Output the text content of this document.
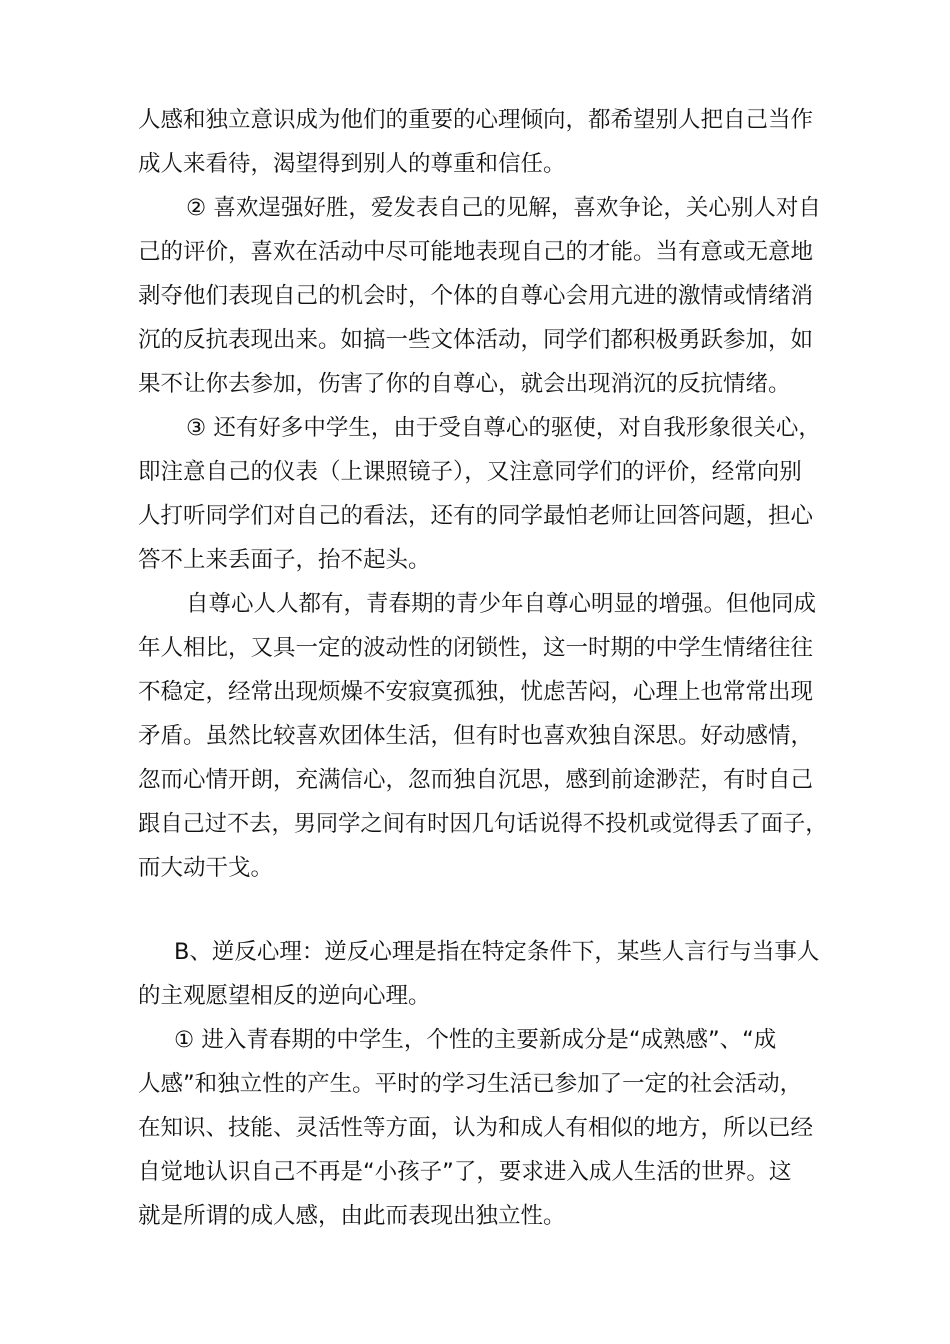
人感和独立意识成为他们的重要的心理倾向，都希望别人把自己当作
成人来看待，渴望得到别人的尊重和信任。
② 喜欢逞强好胜，爱发表自己的见解，喜欢争论，关心别人对自
己的评价，喜欢在活动中尽可能地表现自己的才能。当有意或无意地
剥夺他们表现自己的机会时，个体的自尊心会用亢进的激情或情绪消
沉的反抗表现出来。如搞一些文体活动，同学们都积极勇跃参加，如
果不让你去参加，伤害了你的自尊心，就会出现消沉的反抗情绪。
③ 还有好多中学生，由于受自尊心的驱使，对自我形象很关心，
即注意自己的仪表（上课照镜子），又注意同学们的评价，经常向别
人打听同学们对自己的看法，还有的同学最怕老师让回答问题，担心
答不上来丢面子，抬不起头。
自尊心人人都有，青春期的青少年自尊心明显的增强。但他同成
年人相比，又具一定的波动性的闭锁性，这一时期的中学生情绪往往
不稳定，经常出现烦燥不安寂寞孤独，忧虑苦闷，心理上也常常出现
矛盾。虽然比较喜欢团体生活，但有时也喜欢独自深思。好动感情，
忽而心情开朗，充满信心，忽而独自沉思，感到前途渺茫，有时自己
跟自己过不去，男同学之间有时因几句话说得不投机或觉得丢了面子，
而大动干戈。
B、逆反心理：逆反心理是指在特定条件下，某些人言行与当事人
的主观愿望相反的逆向心理。
① 进入青春期的中学生，个性的主要新成分是“成熟感”、“成
人感”和独立性的产生。平时的学习生活已参加了一定的社会活动，
在知识、技能、灵活性等方面，认为和成人有相似的地方，所以已经
自觉地认识自己不再是“小孩子”了，要求进入成人生活的世界。这
就是所谓的成人感，由此而表现出独立性。
